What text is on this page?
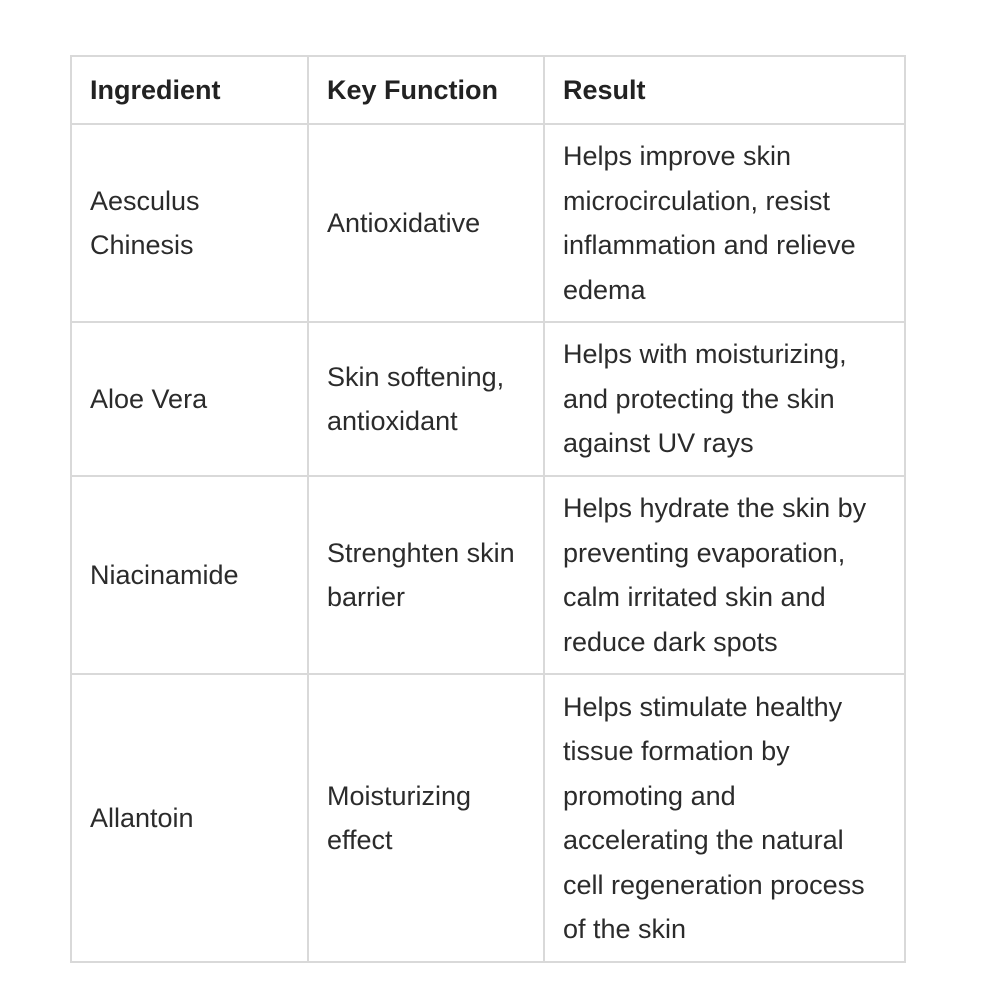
Ingredient	Key Function	Result
Aesculus Chinesis	Antioxidative	Helps improve skin microcirculation, resist inflammation and relieve edema
Aloe Vera	Skin softening, antioxidant	Helps with moisturizing, and protecting the skin against UV rays
Niacinamide	Strenghten skin barrier	Helps hydrate the skin by preventing evaporation, calm irritated skin and reduce dark spots
Allantoin	Moisturizing effect	Helps stimulate healthy tissue formation by promoting and accelerating the natural cell regeneration process of the skin
